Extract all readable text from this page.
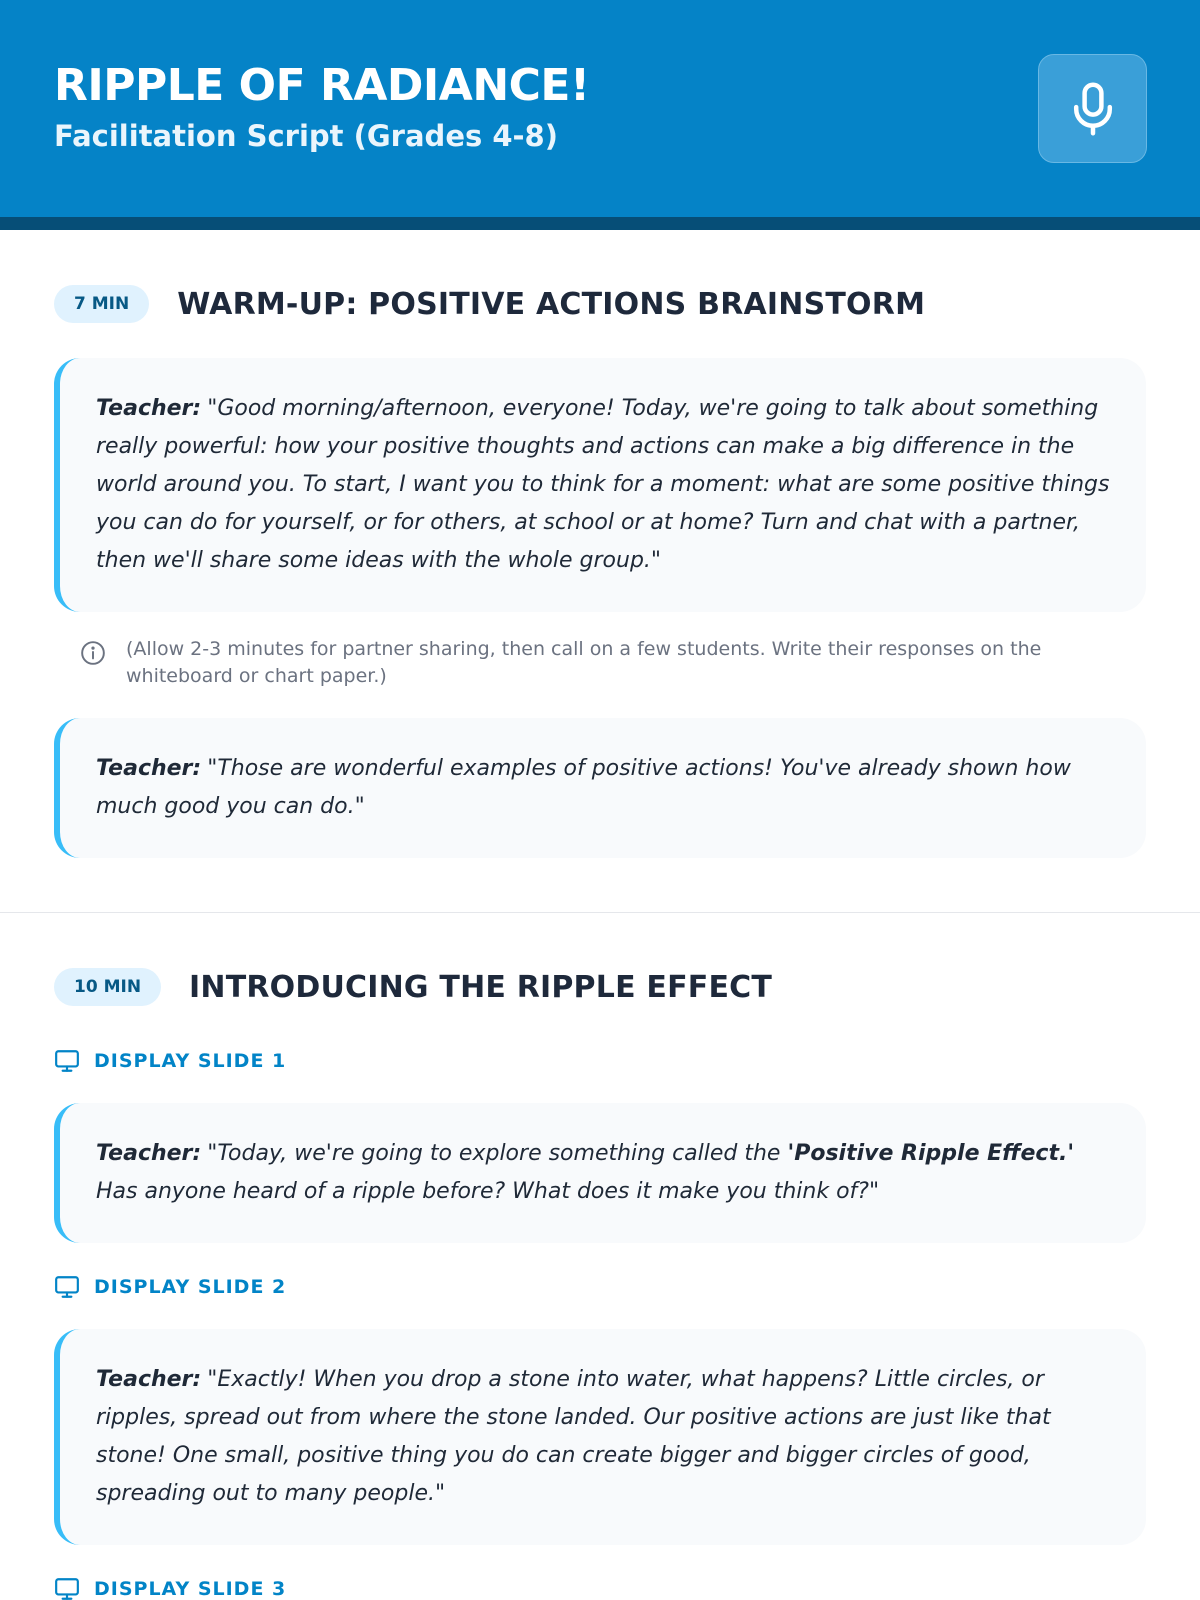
RIPPLE OF RADIANCE!
Facilitation Script (Grades 4-8)
7 MIN	WARM-UP: POSITIVE ACTIONS BRAINSTORM
Teacher: "Good morning/afternoon, everyone! Today, we're going to talk about something really powerful: how your positive thoughts and actions can make a big difference in the world around you. To start, I want you to think for a moment: what are some positive things you can do for yourself, or for others, at school or at home? Turn and chat with a partner, then we'll share some ideas with the whole group."
(Allow 2-3 minutes for partner sharing, then call on a few students. Write their responses on the whiteboard or chart paper.)
Teacher: "Those are wonderful examples of positive actions! You've already shown how much good you can do."
10 MIN	INTRODUCING THE RIPPLE EFFECT
DISPLAY SLIDE 1
Teacher: "Today, we're going to explore something called the 'Positive Ripple Effect.' Has anyone heard of a ripple before? What does it make you think of?"
DISPLAY SLIDE 2
Teacher: "Exactly! When you drop a stone into water, what happens? Little circles, or ripples, spread out from where the stone landed. Our positive actions are just like that stone! One small, positive thing you do can create bigger and bigger circles of good, spreading out to many people."
DISPLAY SLIDE 3
